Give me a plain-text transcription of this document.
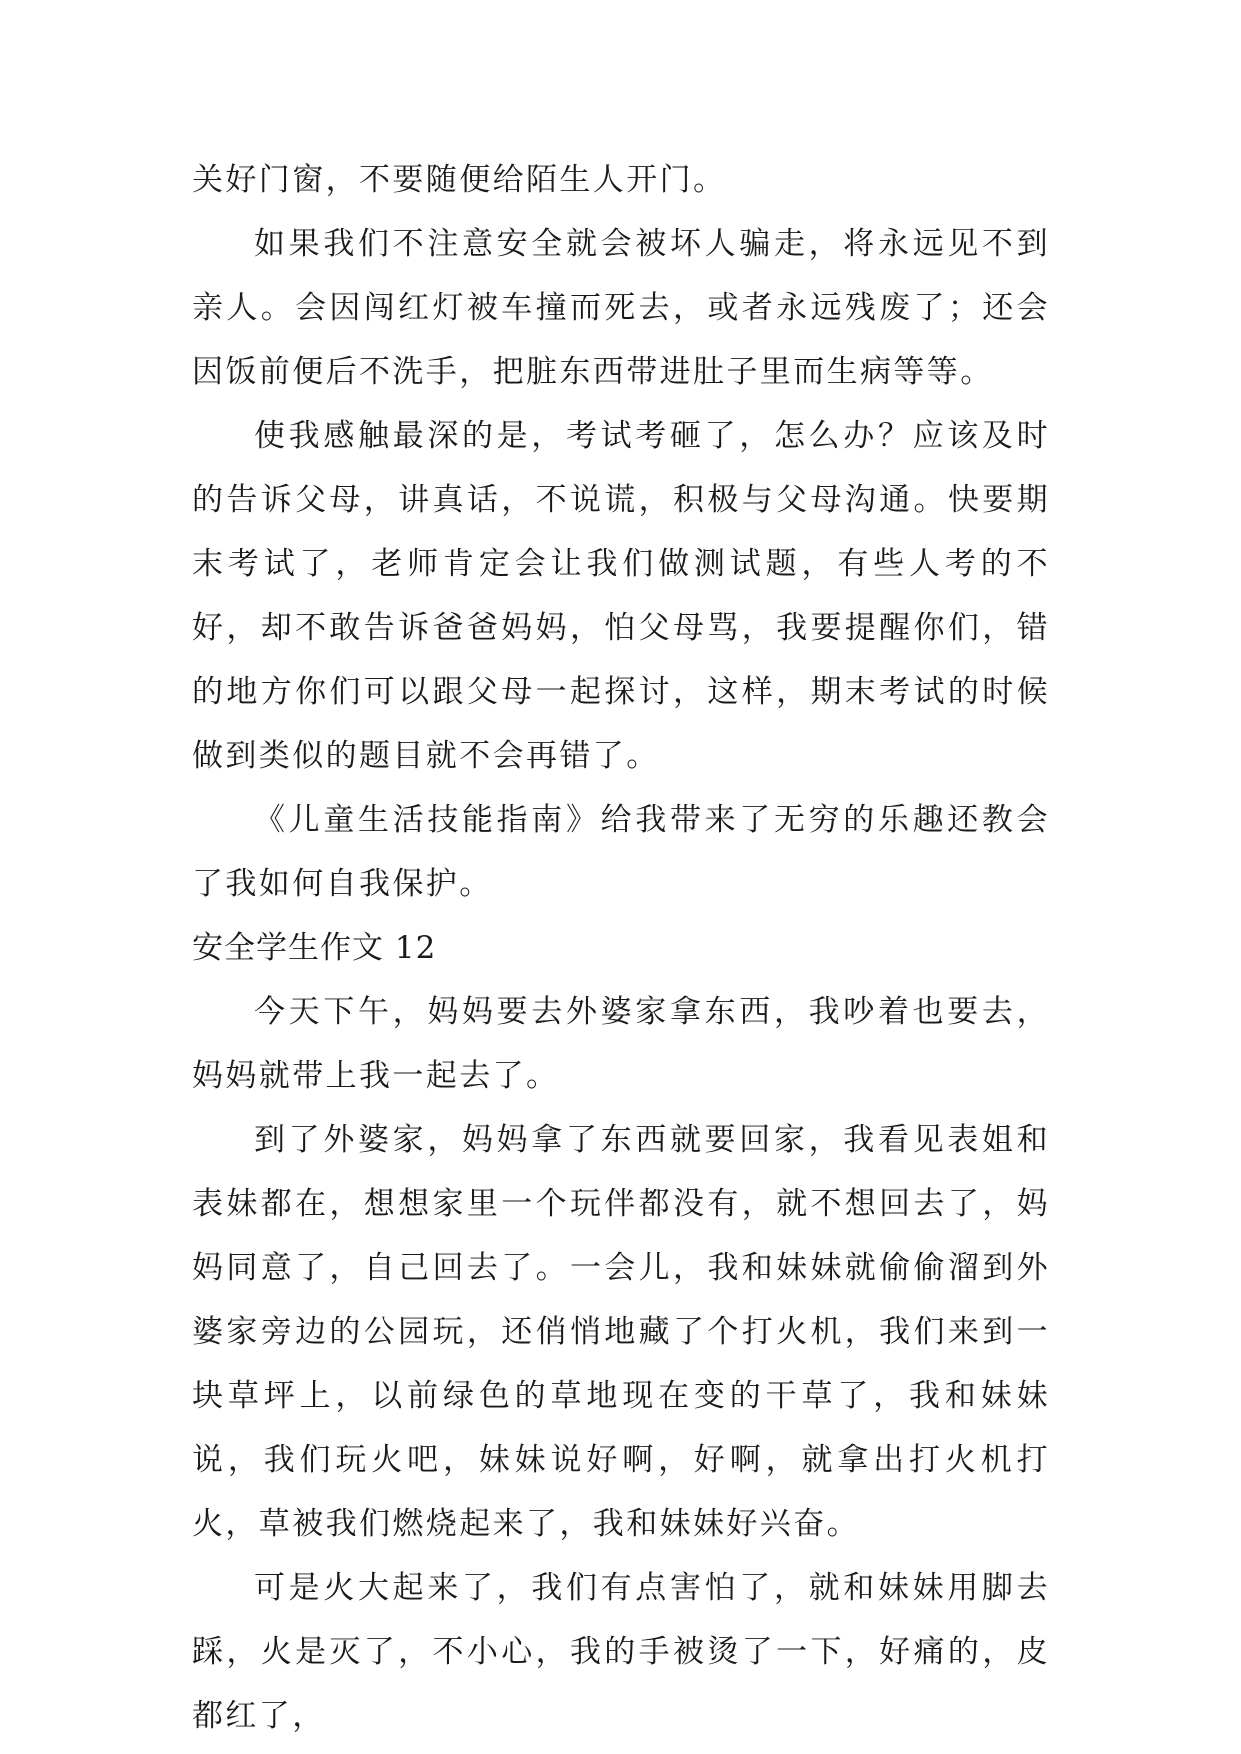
关好门窗，不要随便给陌生人开门。

如果我们不注意安全就会被坏人骗走，将永远见不到亲人。会因闯红灯被车撞而死去，或者永远残废了；还会因饭前便后不洗手，把脏东西带进肚子里而生病等等。

使我感触最深的是，考试考砸了，怎么办？应该及时的告诉父母，讲真话，不说谎，积极与父母沟通。快要期末考试了，老师肯定会让我们做测试题，有些人考的不好，却不敢告诉爸爸妈妈，怕父母骂，我要提醒你们，错的地方你们可以跟父母一起探讨，这样，期末考试的时候做到类似的题目就不会再错了。

《儿童生活技能指南》给我带来了无穷的乐趣还教会了我如何自我保护。

安全学生作文 12

今天下午，妈妈要去外婆家拿东西，我吵着也要去，妈妈就带上我一起去了。

到了外婆家，妈妈拿了东西就要回家，我看见表姐和表妹都在，想想家里一个玩伴都没有，就不想回去了，妈妈同意了，自己回去了。一会儿，我和妹妹就偷偷溜到外婆家旁边的公园玩，还俏悄地藏了个打火机，我们来到一块草坪上，以前绿色的草地现在变的干草了，我和妹妹说，我们玩火吧，妹妹说好啊，好啊，就拿出打火机打火，草被我们燃烧起来了，我和妹妹好兴奋。

可是火大起来了，我们有点害怕了，就和妹妹用脚去踩，火是灭了，不小心，我的手被烫了一下，好痛的，皮都红了，
